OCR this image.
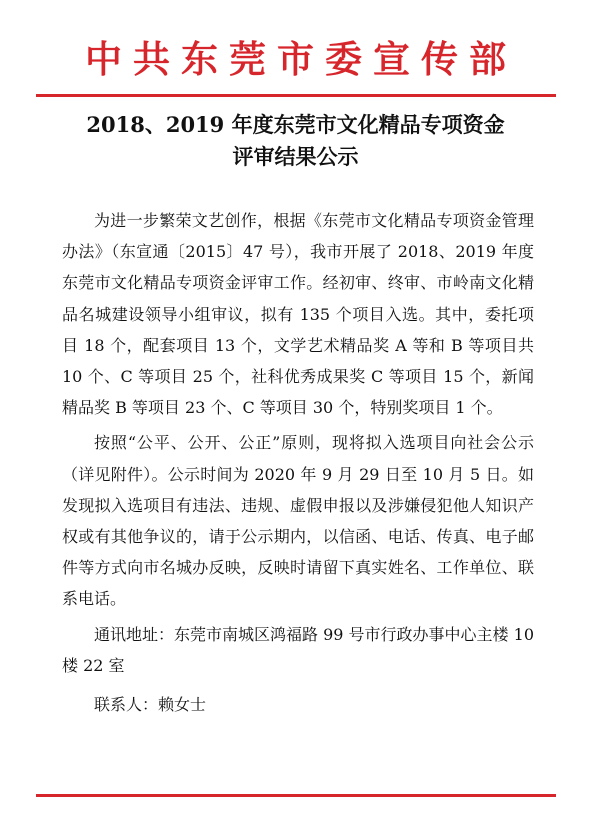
中共东莞市委宣传部
2018、2019 年度东莞市文化精品专项资金
评审结果公示

为进一步繁荣文艺创作，根据《东莞市文化精品专项资金管理办法》（东宣通〔2015〕47 号），我市开展了 2018、2019 年度东莞市文化精品专项资金评审工作。经初审、终审、市岭南文化精品名城建设领导小组审议，拟有 135 个项目入选。其中，委托项目 18 个，配套项目 13 个，文学艺术精品奖 A 等和 B 等项目共 10 个、C 等项目 25 个，社科优秀成果奖 C 等项目 15 个，新闻精品奖 B 等项目 23 个、C 等项目 30 个，特别奖项目 1 个。

按照“公平、公开、公正”原则，现将拟入选项目向社会公示（详见附件）。公示时间为 2020 年 9 月 29 日至 10 月 5 日。如发现拟入选项目有违法、违规、虚假申报以及涉嫌侵犯他人知识产权或有其他争议的，请于公示期内，以信函、电话、传真、电子邮件等方式向市名城办反映，反映时请留下真实姓名、工作单位、联系电话。

通讯地址：东莞市南城区鸿福路 99 号市行政办事中心主楼 10 楼 22 室

联系人：赖女士
